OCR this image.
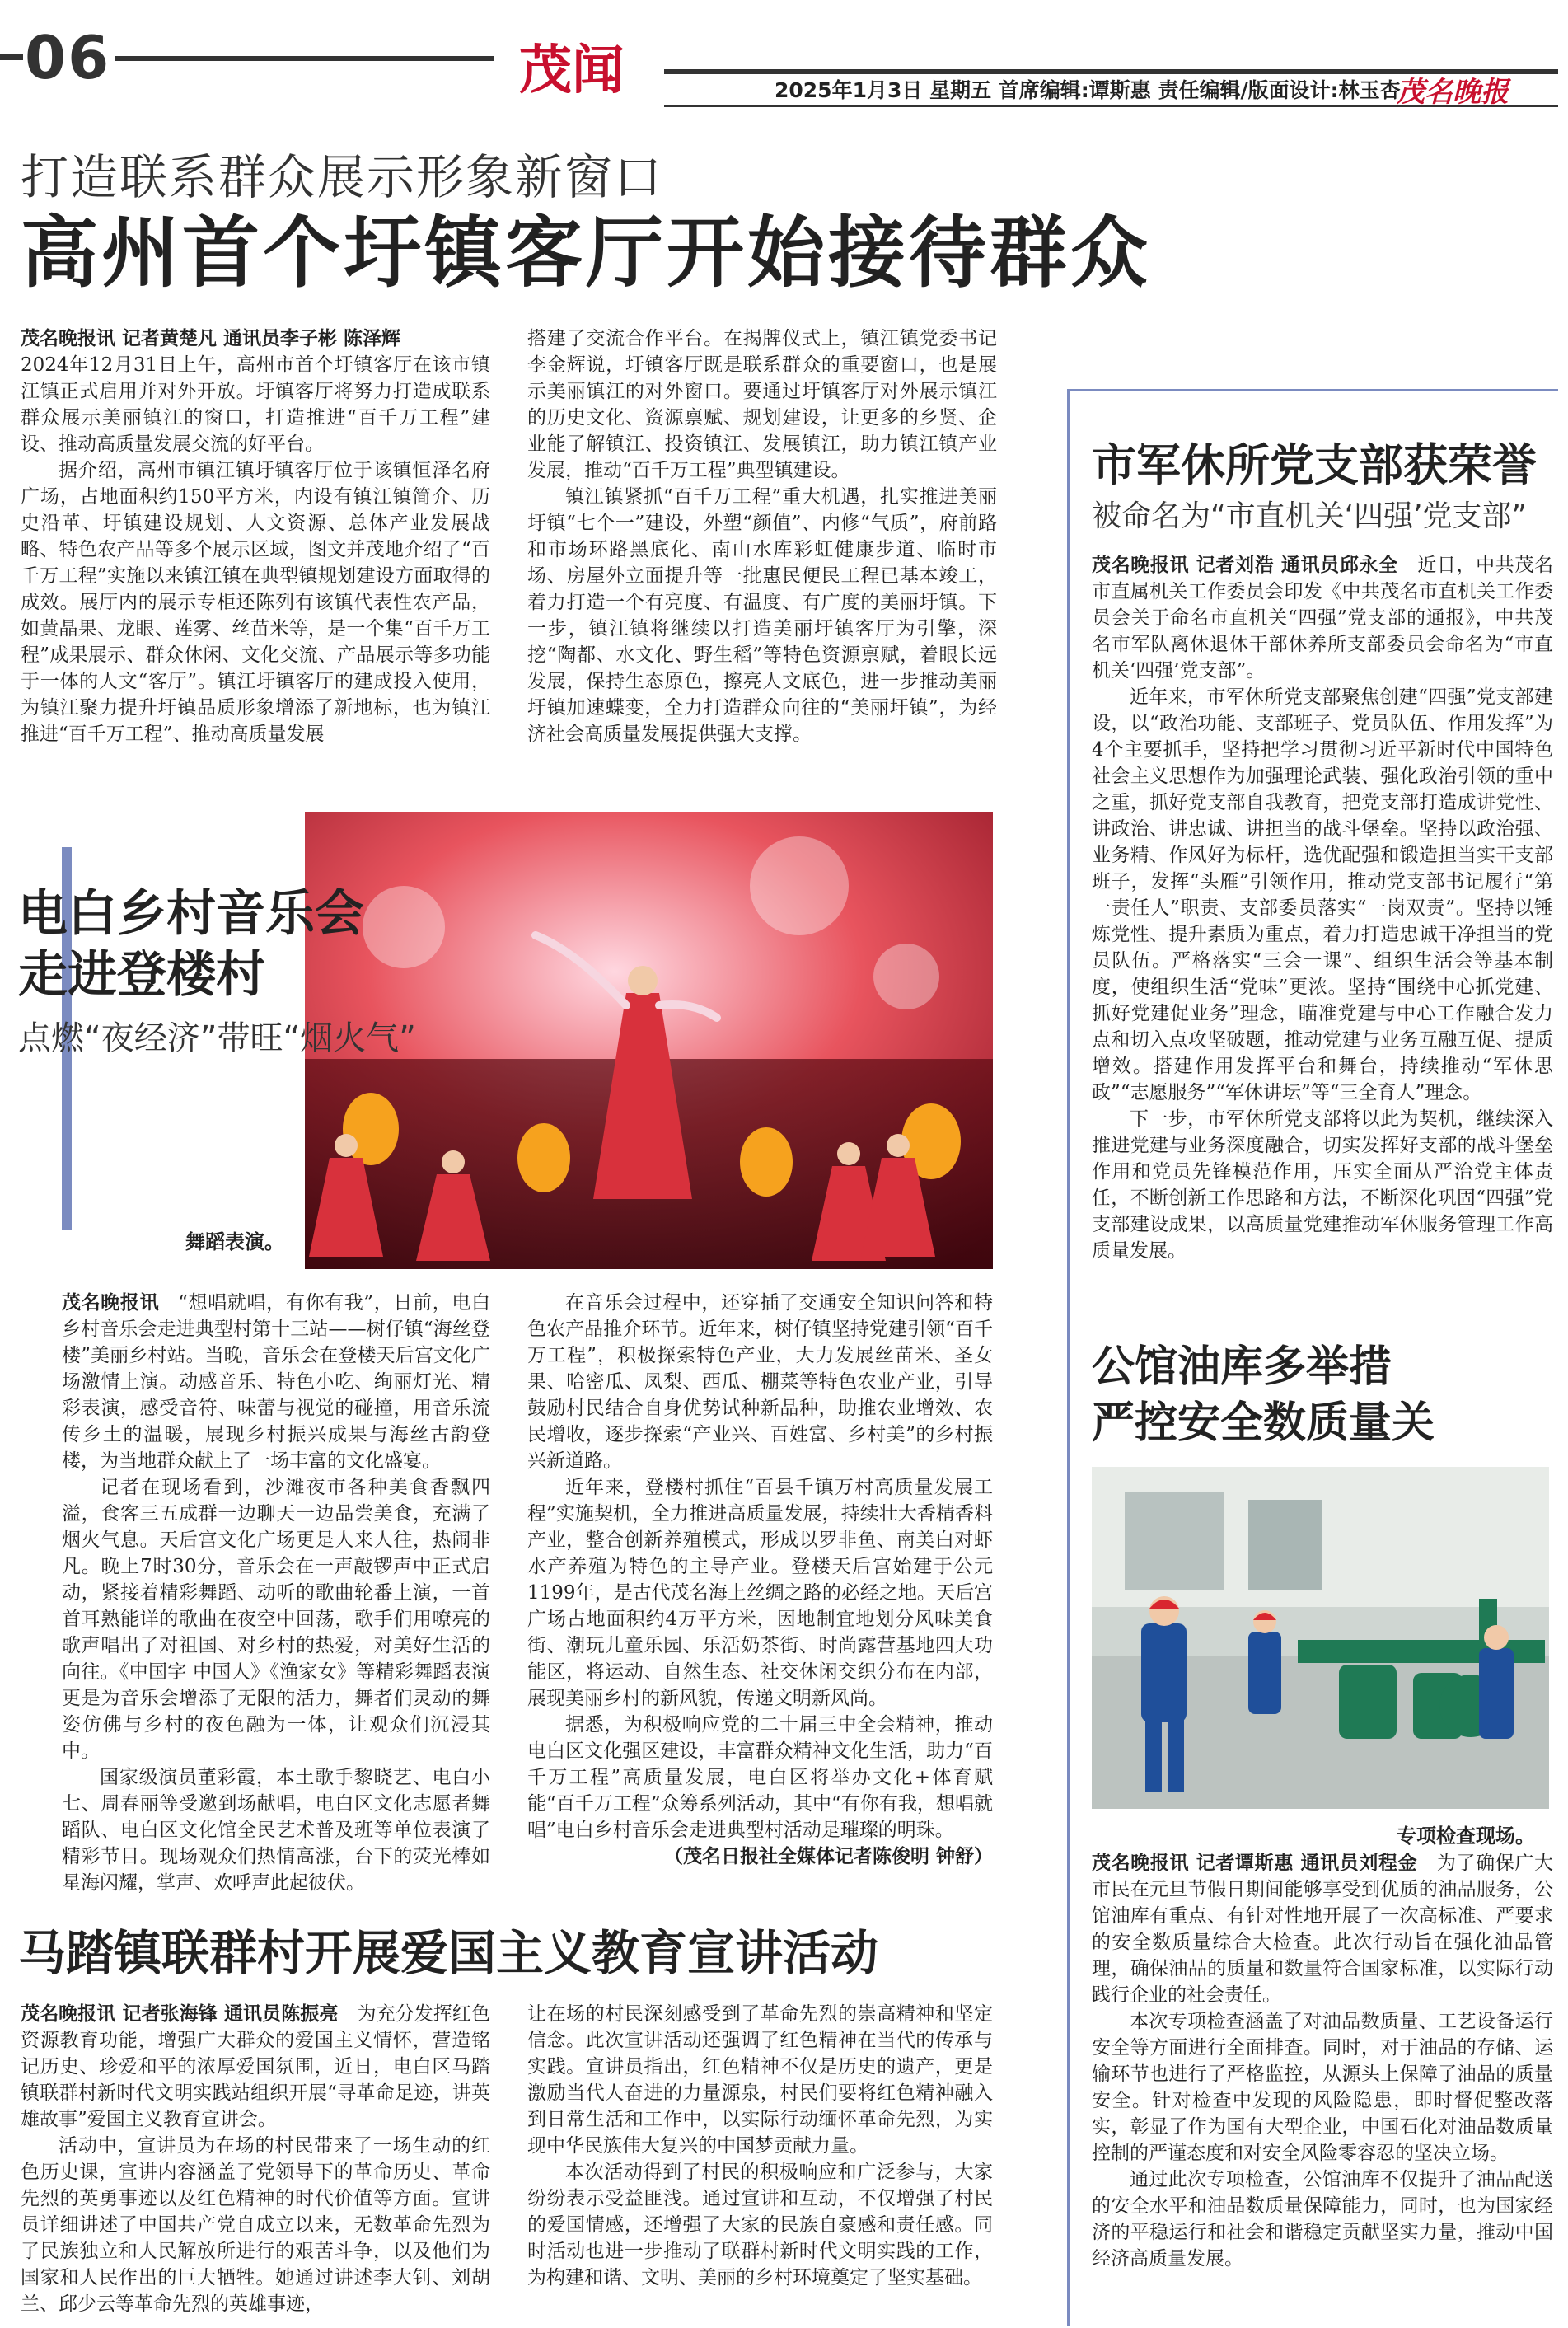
06	茂闻	2025年1月3日 星期五 首席编辑:谭斯惠 责任编辑/版面设计:林玉杏
茂名晚报
打造联系群众展示形象新窗口
高州首个圩镇客厅开始接待群众

茂名晚报讯 记者黄楚凡 通讯员李子彬 陈泽辉

2024年12月31日上午，高州市首个圩镇客厅在该市镇江镇正式启用并对外开放。圩镇客厅将努力打造成联系群众展示美丽镇江的窗口，打造推进“百千万工程”建设、推动高质量发展交流的好平台。

据介绍，高州市镇江镇圩镇客厅位于该镇恒泽名府广场，占地面积约150平方米，内设有镇江镇简介、历史沿革、圩镇建设规划、人文资源、总体产业发展战略、特色农产品等多个展示区域，图文并茂地介绍了“百千万工程”实施以来镇江镇在典型镇规划建设方面取得的成效。展厅内的展示专柜还陈列有该镇代表性农产品，如黄晶果、龙眼、莲雾、丝苗米等，是一个集“百千万工程”成果展示、群众休闲、文化交流、产品展示等多功能于一体的人文“客厅”。镇江圩镇客厅的建成投入使用，为镇江聚力提升圩镇品质形象增添了新地标，也为镇江推进“百千万工程”、推动高质量发展

搭建了交流合作平台。在揭牌仪式上，镇江镇党委书记李金辉说，圩镇客厅既是联系群众的重要窗口，也是展示美丽镇江的对外窗口。要通过圩镇客厅对外展示镇江的历史文化、资源禀赋、规划建设，让更多的乡贤、企业能了解镇江、投资镇江、发展镇江，助力镇江镇产业发展，推动“百千万工程”典型镇建设。

镇江镇紧抓“百千万工程”重大机遇，扎实推进美丽圩镇“七个一”建设，外塑“颜值”、内修“气质”，府前路和市场环路黑底化、南山水库彩虹健康步道、临时市场、房屋外立面提升等一批惠民便民工程已基本竣工，着力打造一个有亮度、有温度、有广度的美丽圩镇。下一步，镇江镇将继续以打造美丽圩镇客厅为引擎，深挖“陶都、水文化、野生稻”等特色资源禀赋，着眼长远发展，保持生态原色，擦亮人文底色，进一步推动美丽圩镇加速蝶变，全力打造群众向往的“美丽圩镇”，为经济社会高质量发展提供强大支撑。

舞蹈表演。
电白乡村音乐会
走进登楼村
点燃“夜经济”带旺“烟火气”

茂名晚报讯  “想唱就唱，有你有我”，日前，电白乡村音乐会走进典型村第十三站——树仔镇“海丝登楼”美丽乡村站。当晚，音乐会在登楼天后宫文化广场激情上演。动感音乐、特色小吃、绚丽灯光、精彩表演，感受音符、味蕾与视觉的碰撞，用音乐流传乡土的温暖，展现乡村振兴成果与海丝古韵登楼，为当地群众献上了一场丰富的文化盛宴。

记者在现场看到，沙滩夜市各种美食香飘四溢，食客三五成群一边聊天一边品尝美食，充满了烟火气息。天后宫文化广场更是人来人往，热闹非凡。晚上7时30分，音乐会在一声敲锣声中正式启动，紧接着精彩舞蹈、动听的歌曲轮番上演，一首首耳熟能详的歌曲在夜空中回荡，歌手们用嘹亮的歌声唱出了对祖国、对乡村的热爱，对美好生活的向往。《中国字 中国人》《渔家女》等精彩舞蹈表演更是为音乐会增添了无限的活力，舞者们灵动的舞姿仿佛与乡村的夜色融为一体，让观众们沉浸其中。

国家级演员董彩霞，本土歌手黎晓艺、电白小七、周春丽等受邀到场献唱，电白区文化志愿者舞蹈队、电白区文化馆全民艺术普及班等单位表演了精彩节目。现场观众们热情高涨，台下的荧光棒如星海闪耀，掌声、欢呼声此起彼伏。

在音乐会过程中，还穿插了交通安全知识问答和特色农产品推介环节。近年来，树仔镇坚持党建引领“百千万工程”，积极探索特色产业，大力发展丝苗米、圣女果、哈密瓜、凤梨、西瓜、棚菜等特色农业产业，引导鼓励村民结合自身优势试种新品种，助推农业增效、农民增收，逐步探索“产业兴、百姓富、乡村美”的乡村振兴新道路。

近年来，登楼村抓住“百县千镇万村高质量发展工程”实施契机，全力推进高质量发展，持续壮大香精香料产业，整合创新养殖模式，形成以罗非鱼、南美白对虾水产养殖为特色的主导产业。登楼天后宫始建于公元1199年，是古代茂名海上丝绸之路的必经之地。天后宫广场占地面积约4万平方米，因地制宜地划分风味美食街、潮玩儿童乐园、乐活奶茶街、时尚露营基地四大功能区，将运动、自然生态、社交休闲交织分布在内部，展现美丽乡村的新风貌，传递文明新风尚。

据悉，为积极响应党的二十届三中全会精神，推动电白区文化强区建设，丰富群众精神文化生活，助力“百千万工程”高质量发展，电白区将举办文化+体育赋能“百千万工程”众筹系列活动，其中“有你有我，想唱就唱”电白乡村音乐会走进典型村活动是璀璨的明珠。

（茂名日报社全媒体记者陈俊明 钟舒）

马踏镇联群村开展爱国主义教育宣讲活动

茂名晚报讯 记者张海锋 通讯员陈振亮  为充分发挥红色资源教育功能，增强广大群众的爱国主义情怀，营造铭记历史、珍爱和平的浓厚爱国氛围，近日，电白区马踏镇联群村新时代文明实践站组织开展“寻革命足迹，讲英雄故事”爱国主义教育宣讲会。

活动中，宣讲员为在场的村民带来了一场生动的红色历史课，宣讲内容涵盖了党领导下的革命历史、革命先烈的英勇事迹以及红色精神的时代价值等方面。宣讲员详细讲述了中国共产党自成立以来，无数革命先烈为了民族独立和人民解放所进行的艰苦斗争，以及他们为国家和人民作出的巨大牺牲。她通过讲述李大钊、刘胡兰、邱少云等革命先烈的英雄事迹，

让在场的村民深刻感受到了革命先烈的崇高精神和坚定信念。此次宣讲活动还强调了红色精神在当代的传承与实践。宣讲员指出，红色精神不仅是历史的遗产，更是激励当代人奋进的力量源泉，村民们要将红色精神融入到日常生活和工作中，以实际行动缅怀革命先烈，为实现中华民族伟大复兴的中国梦贡献力量。

本次活动得到了村民的积极响应和广泛参与，大家纷纷表示受益匪浅。通过宣讲和互动，不仅增强了村民的爱国情感，还增强了大家的民族自豪感和责任感。同时活动也进一步推动了联群村新时代文明实践的工作，为构建和谐、文明、美丽的乡村环境奠定了坚实基础。

市军休所党支部获荣誉
被命名为“市直机关‘四强’党支部”

茂名晚报讯 记者刘浩 通讯员邱永全  近日，中共茂名市直属机关工作委员会印发《中共茂名市直机关工作委员会关于命名市直机关“四强”党支部的通报》，中共茂名市军队离休退休干部休养所支部委员会命名为“市直机关‘四强’党支部”。

近年来，市军休所党支部聚焦创建“四强”党支部建设，以“政治功能、支部班子、党员队伍、作用发挥”为4个主要抓手，坚持把学习贯彻习近平新时代中国特色社会主义思想作为加强理论武装、强化政治引领的重中之重，抓好党支部自我教育，把党支部打造成讲党性、讲政治、讲忠诚、讲担当的战斗堡垒。坚持以政治强、业务精、作风好为标杆，选优配强和锻造担当实干支部班子，发挥“头雁”引领作用，推动党支部书记履行“第一责任人”职责、支部委员落实“一岗双责”。坚持以锤炼党性、提升素质为重点，着力打造忠诚干净担当的党员队伍。严格落实“三会一课”、组织生活会等基本制度，使组织生活“党味”更浓。坚持“围绕中心抓党建、抓好党建促业务”理念，瞄准党建与中心工作融合发力点和切入点攻坚破题，推动党建与业务互融互促、提质增效。搭建作用发挥平台和舞台，持续推动“军休思政”“志愿服务”“军休讲坛”等“三全育人”理念。

下一步，市军休所党支部将以此为契机，继续深入推进党建与业务深度融合，切实发挥好支部的战斗堡垒作用和党员先锋模范作用，压实全面从严治党主体责任，不断创新工作思路和方法，不断深化巩固“四强”党支部建设成果，以高质量党建推动军休服务管理工作高质量发展。

公馆油库多举措
严控安全数质量关
专项检查现场。

茂名晚报讯 记者谭斯惠 通讯员刘程金  为了确保广大市民在元旦节假日期间能够享受到优质的油品服务，公馆油库有重点、有针对性地开展了一次高标准、严要求的安全数质量综合大检查。此次行动旨在强化油品管理，确保油品的质量和数量符合国家标准，以实际行动践行企业的社会责任。

本次专项检查涵盖了对油品数质量、工艺设备运行安全等方面进行全面排查。同时，对于油品的存储、运输环节也进行了严格监控，从源头上保障了油品的质量安全。针对检查中发现的风险隐患，即时督促整改落实，彰显了作为国有大型企业，中国石化对油品数质量控制的严谨态度和对安全风险零容忍的坚决立场。

通过此次专项检查，公馆油库不仅提升了油品配送的安全水平和油品数质量保障能力，同时，也为国家经济的平稳运行和社会和谐稳定贡献坚实力量，推动中国经济高质量发展。
